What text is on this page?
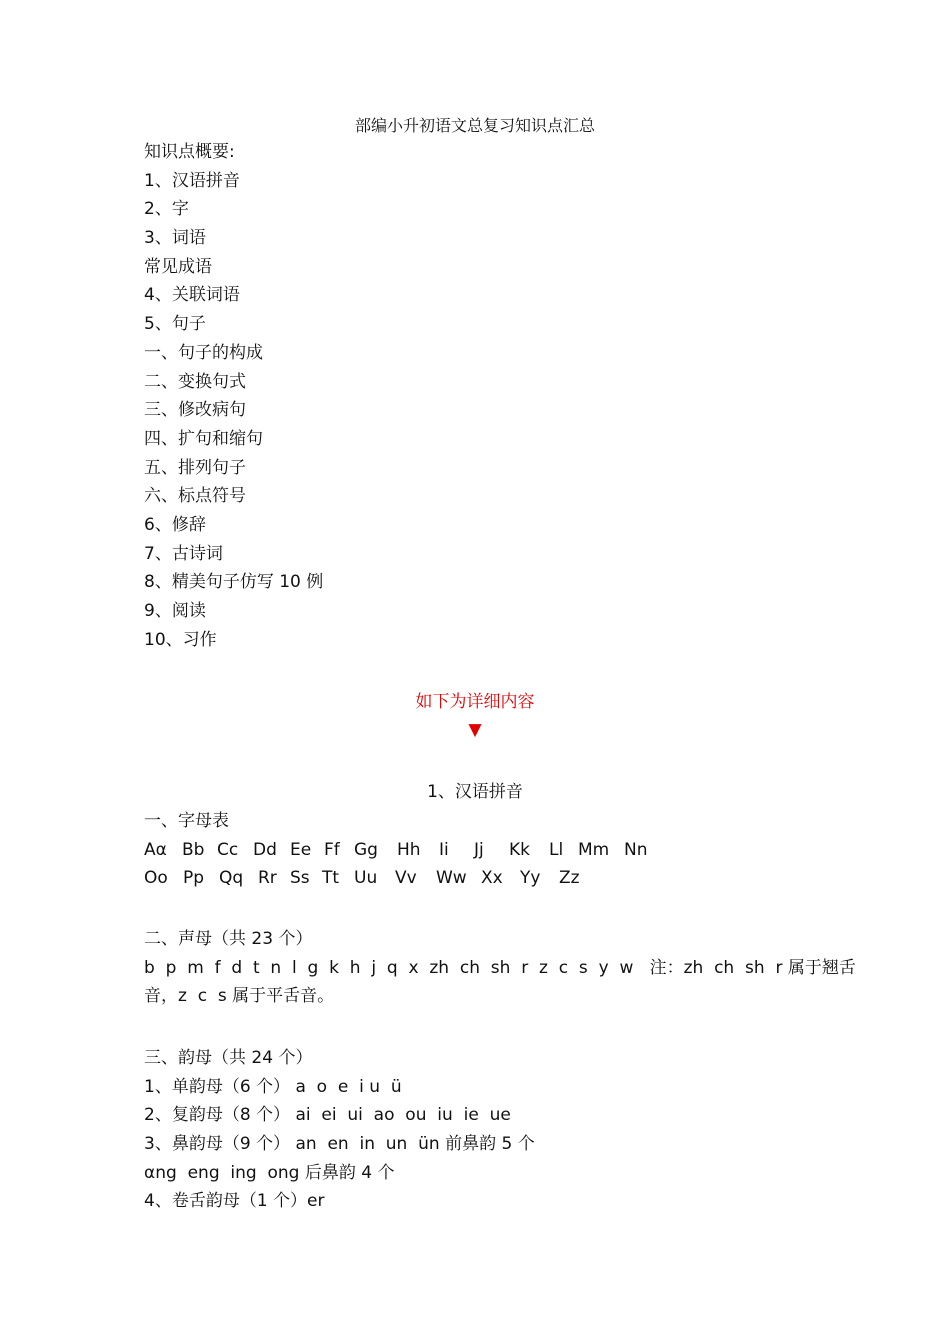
部编小升初语文总复习知识点汇总
知识点概要:
1、汉语拼音
2、字
3、词语
常见成语
4、关联词语
5、句子
一、句子的构成
二、变换句式
三、修改病句
四、扩句和缩句
五、排列句子
六、标点符号
6、修辞
7、古诗词
8、精美句子仿写 10 例
9、阅读
10、习作
如下为详细内容
▼
1、汉语拼音
一、字母表
Aα Bb Cc Dd Ee Ff Gg Hh Ii Jj Kk Ll Mm Nn
Oo Pp Qq Rr Ss Tt Uu Vv Ww Xx Yy Zz
二、声母（共 23 个）
b  p  m  f  d  t  n  l  g  k  h  j  q  x  zh  ch  sh  r  z  c  s  y  w   注：zh  ch  sh  r 属于翘舌
音，z  c  s 属于平舌音。
三、韵母（共 24 个）
1、单韵母（6 个） a  o  e  i u  ü
2、复韵母（8 个） ai  ei  ui  ao  ou  iu  ie  ue
3、鼻韵母（9 个） an  en  in  un  ün 前鼻韵 5 个
αng  eng  ing  ong 后鼻韵 4 个
4、卷舌韵母（1 个）er
